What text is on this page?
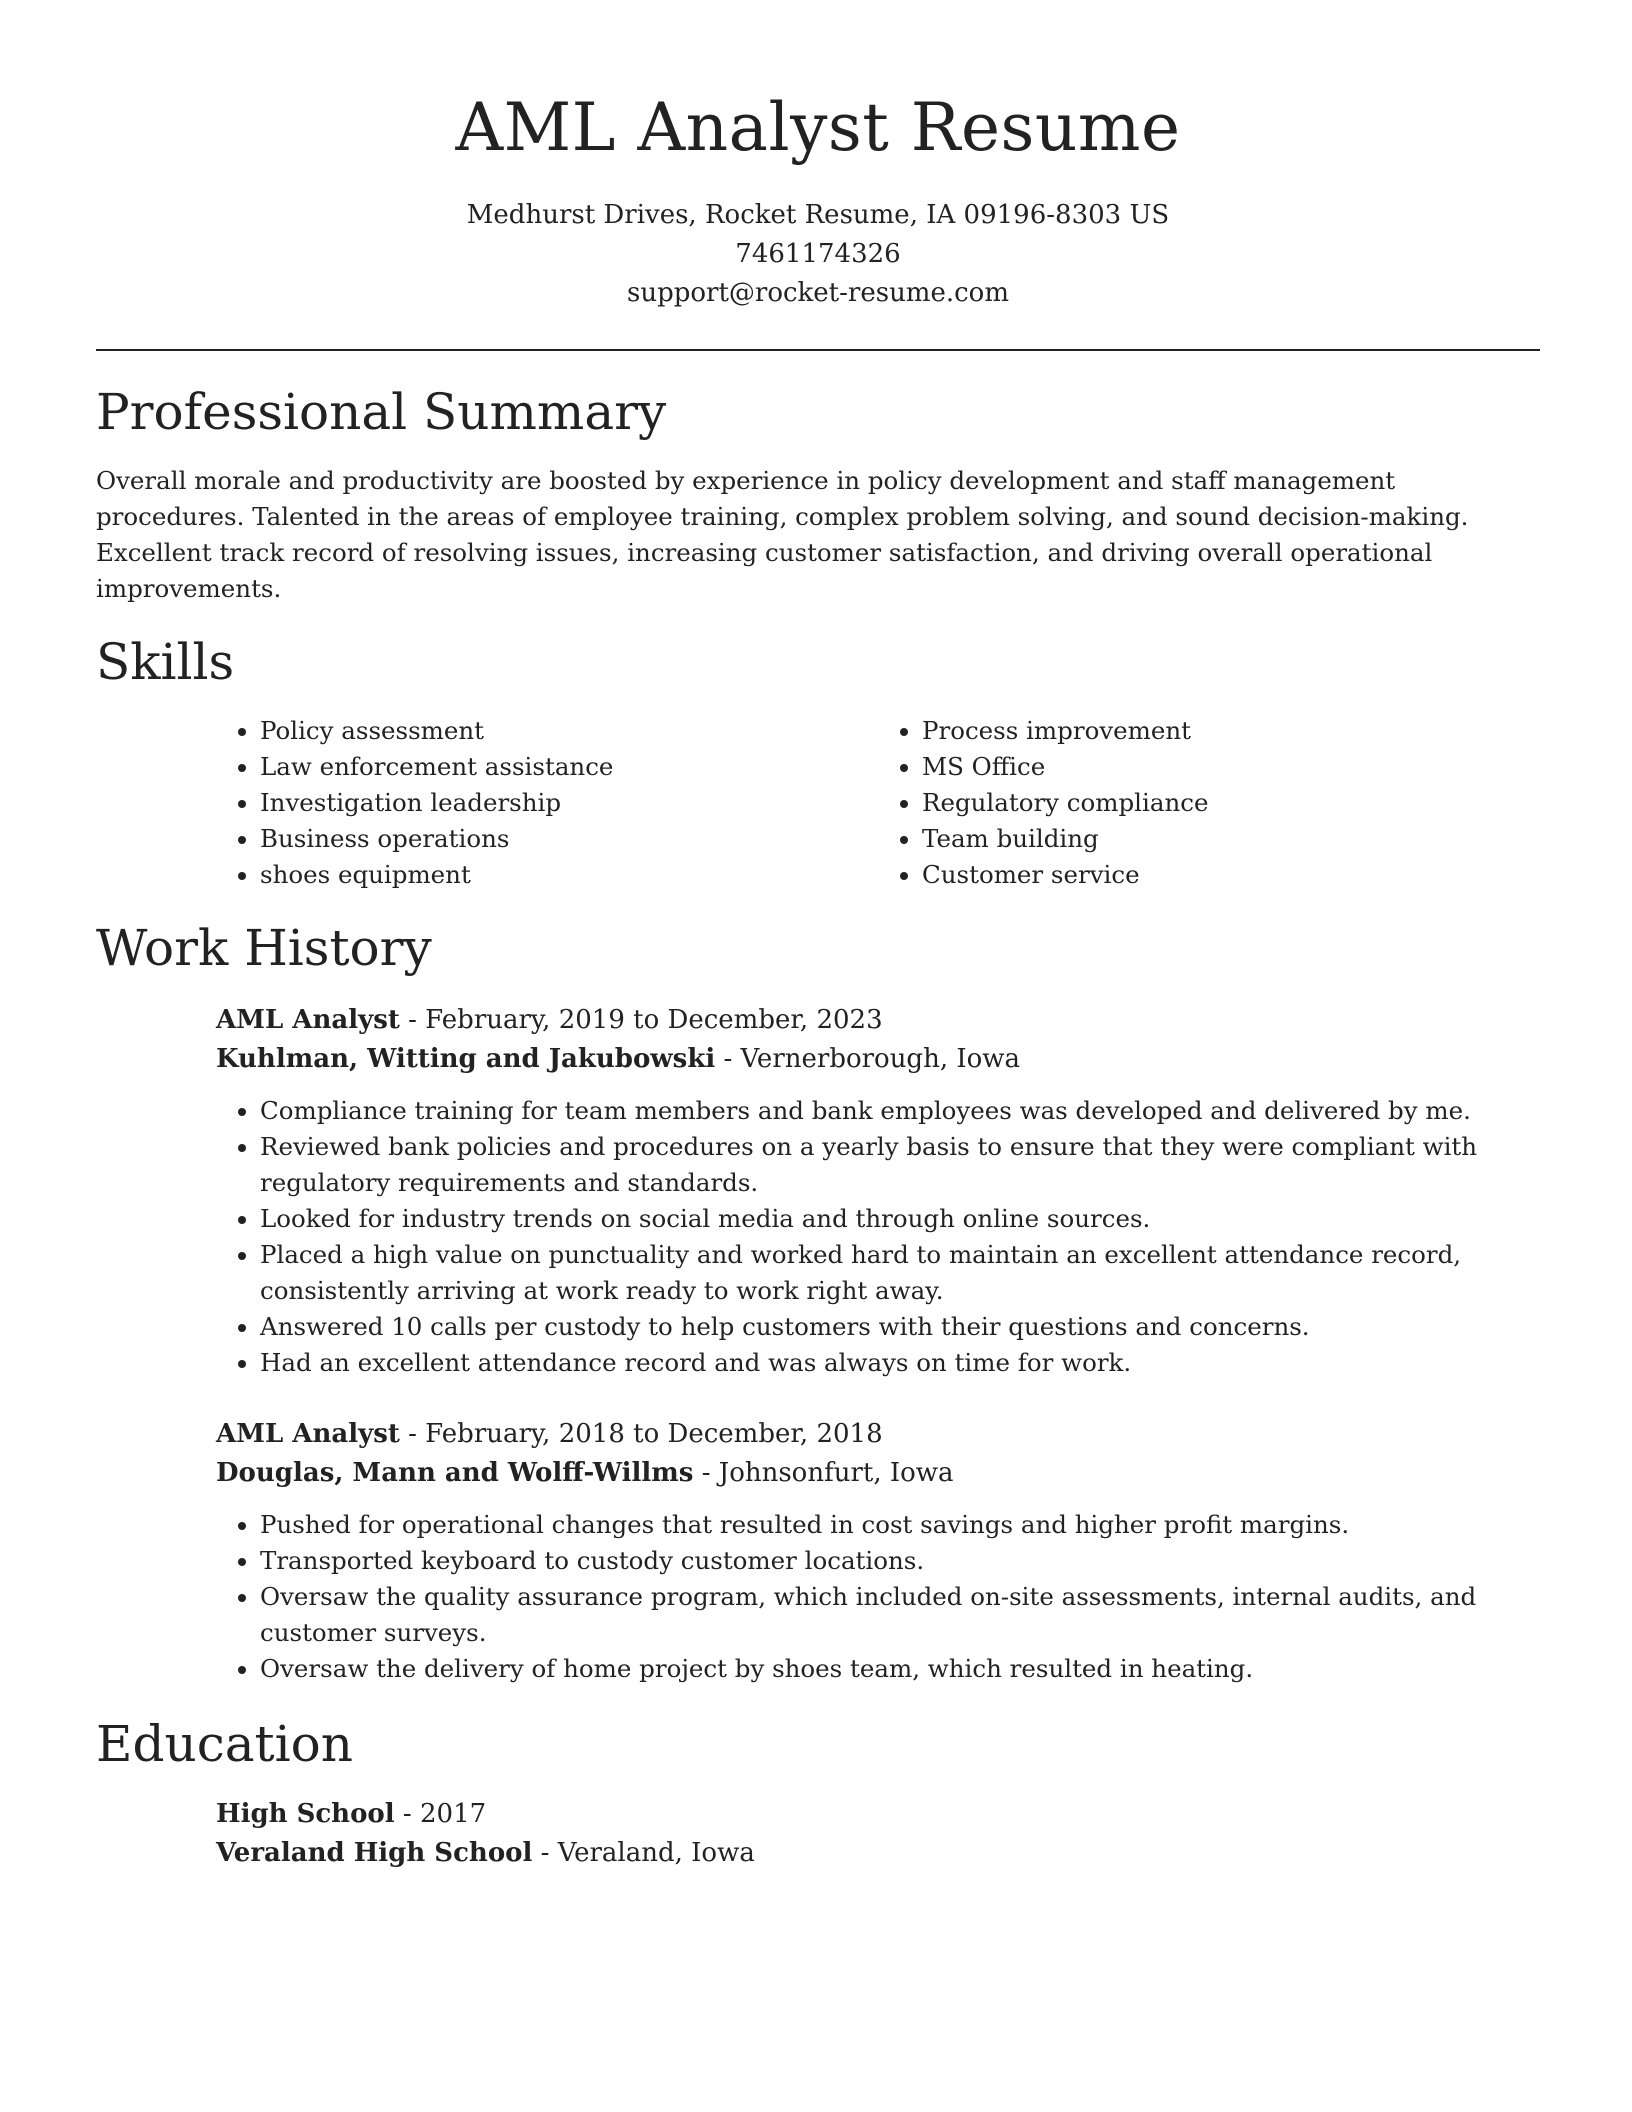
AML Analyst Resume
Medhurst Drives, Rocket Resume, IA 09196-8303 US
7461174326
support@rocket-resume.com
Professional Summary

Overall morale and productivity are boosted by experience in policy development and staff management procedures. Talented in the areas of employee training, complex problem solving, and sound decision-making. Excellent track record of resolving issues, increasing customer satisfaction, and driving overall operational improvements.

Skills
• Policy assessment
• Law enforcement assistance
• Investigation leadership
• Business operations
• shoes equipment
• Process improvement
• MS Office
• Regulatory compliance
• Team building
• Customer service
Work History
AML Analyst - February, 2019 to December, 2023
Kuhlman, Witting and Jakubowski - Vernerborough, Iowa
• Compliance training for team members and bank employees was developed and delivered by me.
• Reviewed bank policies and procedures on a yearly basis to ensure that they were compliant with regulatory requirements and standards.
• Looked for industry trends on social media and through online sources.
• Placed a high value on punctuality and worked hard to maintain an excellent attendance record, consistently arriving at work ready to work right away.
• Answered 10 calls per custody to help customers with their questions and concerns.
• Had an excellent attendance record and was always on time for work.
AML Analyst - February, 2018 to December, 2018
Douglas, Mann and Wolff-Willms - Johnsonfurt, Iowa
• Pushed for operational changes that resulted in cost savings and higher profit margins.
• Transported keyboard to custody customer locations.
• Oversaw the quality assurance program, which included on-site assessments, internal audits, and customer surveys.
• Oversaw the delivery of home project by shoes team, which resulted in heating.
Education
High School - 2017
Veraland High School - Veraland, Iowa
